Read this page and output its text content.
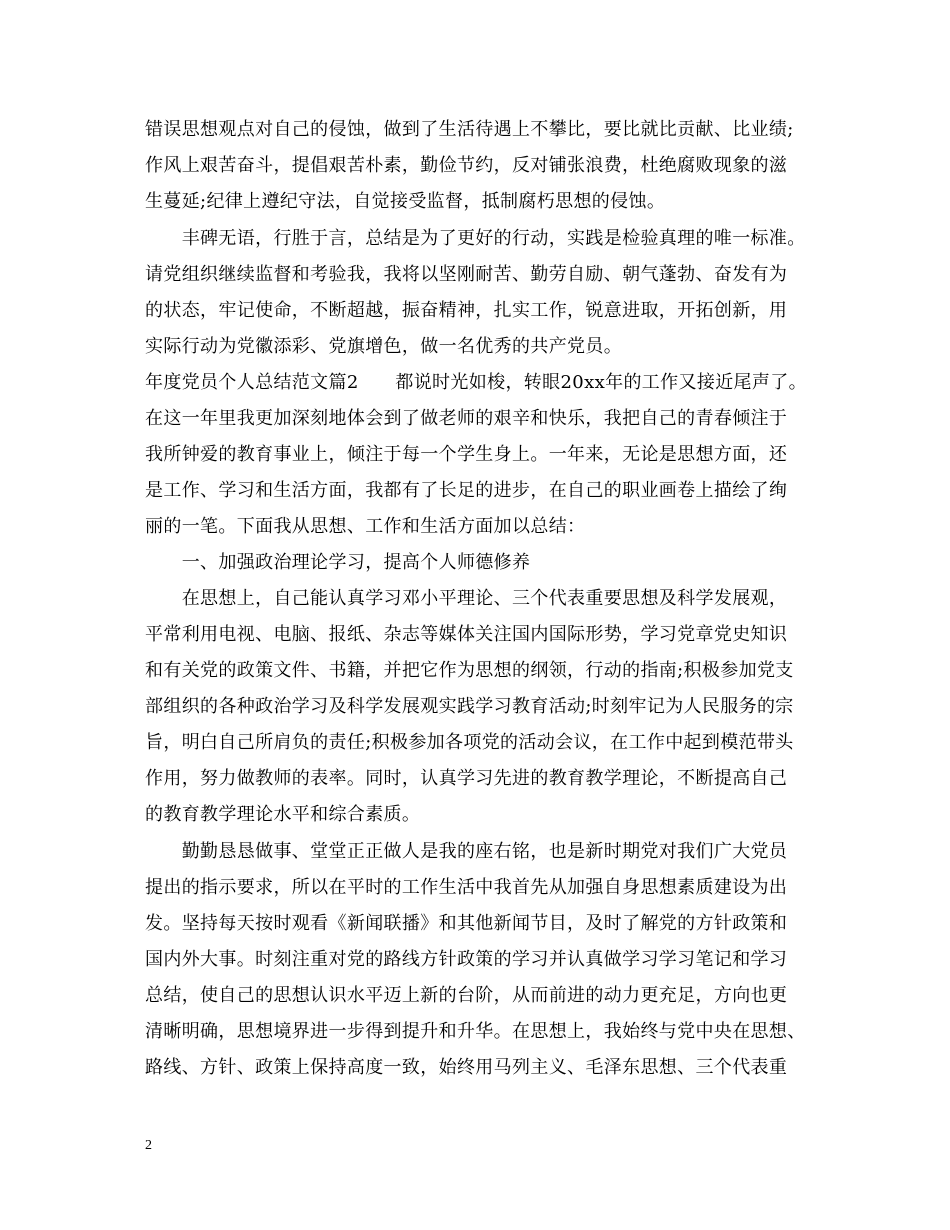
错误思想观点对自己的侵蚀，做到了生活待遇上不攀比，要比就比贡献、比业绩;
作风上艰苦奋斗，提倡艰苦朴素，勤俭节约，反对铺张浪费，杜绝腐败现象的滋
生蔓延;纪律上遵纪守法，自觉接受监督，抵制腐朽思想的侵蚀。
　　丰碑无语，行胜于言，总结是为了更好的行动，实践是检验真理的唯一标准。
请党组织继续监督和考验我，我将以坚刚耐苦、勤劳自励、朝气蓬勃、奋发有为
的状态，牢记使命，不断超越，振奋精神，扎实工作，锐意进取，开拓创新，用
实际行动为党徽添彩、党旗增色，做一名优秀的共产党员。
年度党员个人总结范文篇2　　都说时光如梭，转眼20xx年的工作又接近尾声了。
在这一年里我更加深刻地体会到了做老师的艰辛和快乐，我把自己的青春倾注于
我所钟爱的教育事业上，倾注于每一个学生身上。一年来，无论是思想方面，还
是工作、学习和生活方面，我都有了长足的进步，在自己的职业画卷上描绘了绚
丽的一笔。下面我从思想、工作和生活方面加以总结：
　　一、加强政治理论学习，提高个人师德修养
　　在思想上，自己能认真学习邓小平理论、三个代表重要思想及科学发展观，
平常利用电视、电脑、报纸、杂志等媒体关注国内国际形势，学习党章党史知识
和有关党的政策文件、书籍，并把它作为思想的纲领，行动的指南;积极参加党支
部组织的各种政治学习及科学发展观实践学习教育活动;时刻牢记为人民服务的宗
旨，明白自己所肩负的责任;积极参加各项党的活动会议，在工作中起到模范带头
作用，努力做教师的表率。同时，认真学习先进的教育教学理论，不断提高自己
的教育教学理论水平和综合素质。
　　勤勤恳恳做事、堂堂正正做人是我的座右铭，也是新时期党对我们广大党员
提出的指示要求，所以在平时的工作生活中我首先从加强自身思想素质建设为出
发。坚持每天按时观看《新闻联播》和其他新闻节目，及时了解党的方针政策和
国内外大事。时刻注重对党的路线方针政策的学习并认真做学习学习笔记和学习
总结，使自己的思想认识水平迈上新的台阶，从而前进的动力更充足，方向也更
清晰明确，思想境界进一步得到提升和升华。在思想上，我始终与党中央在思想、
路线、方针、政策上保持高度一致，始终用马列主义、毛泽东思想、三个代表重
2
